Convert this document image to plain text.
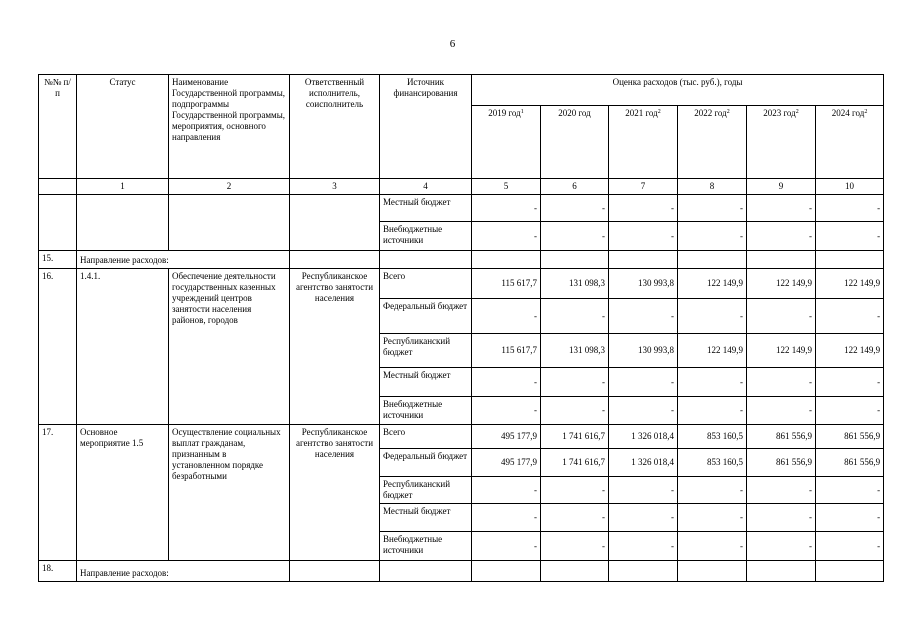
6
№№ п/п	Статус	Наименование Государственной программы, подпрограммы Государственной программы, мероприятия, основного направления	Ответственный исполнитель, соисполнитель	Источник финансирования	Оценка расходов (тыс. руб.), годы					
					2019 год$^1$	2020 год	2021 год$^2$	2022 год$^2$	2023 год$^2$	2024 год$^2$
	1	2	3	4	5	6	7	8	9	10
				Местный бюджет	-	-	-	-	-	-
				Внебюджетные источники	-	-	-	-	-	-
15.	Направление расходов:									
16.	1.4.1.	Обеспечение деятельности государственных казенных учреждений центров занятости населения районов, городов	Республиканское агентство занятости населения	Всего	115 617,7	131 098,3	130 993,8	122 149,9	122 149,9	122 149,9
				Федеральный бюджет	-	-	-	-	-	-
				Республиканский бюджет	115 617,7	131 098,3	130 993,8	122 149,9	122 149,9	122 149,9
				Местный бюджет	-	-	-	-	-	-
				Внебюджетные источники	-	-	-	-	-	-
17.	Основное мероприятие 1.5	Осуществление социальных выплат гражданам, признанным в установленном порядке безработными	Республиканское агентство занятости населения	Всего	495 177,9	1 741 616,7	1 326 018,4	853 160,5	861 556,9	861 556,9
				Федеральный бюджет	495 177,9	1 741 616,7	1 326 018,4	853 160,5	861 556,9	861 556,9
				Республиканский бюджет	-	-	-	-	-	-
				Местный бюджет	-	-	-	-	-	-
				Внебюджетные источники	-	-	-	-	-	-
18.	Направление расходов:									
